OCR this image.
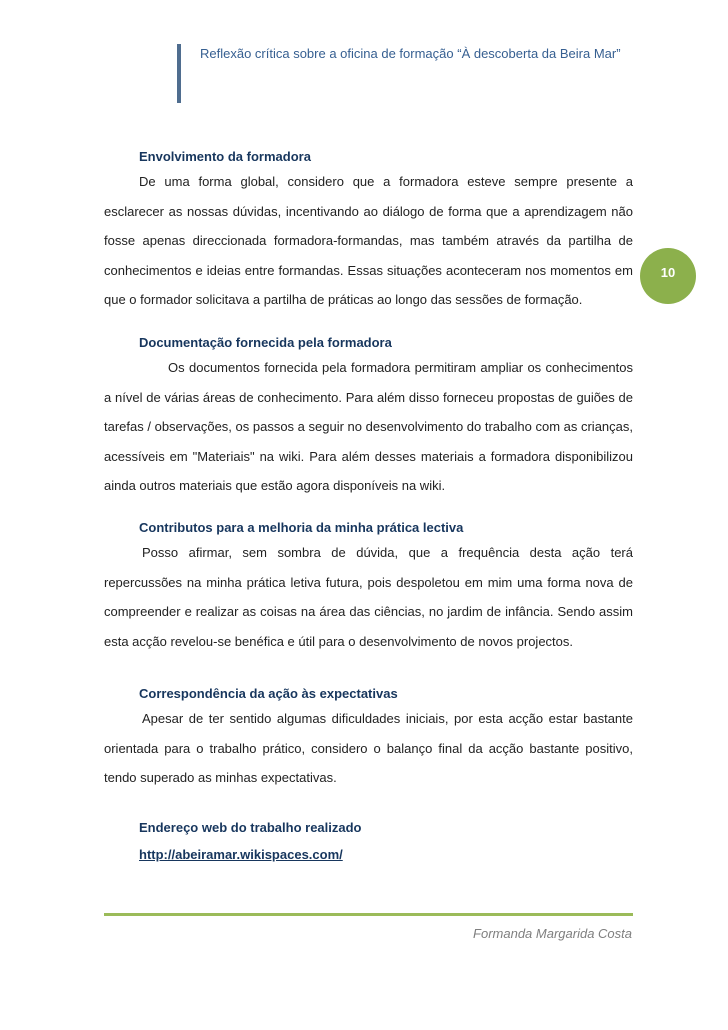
Reflexão crítica sobre a oficina de formação “À descoberta da Beira Mar”
10
Envolvimento da formadora
De uma forma global, considero que a formadora esteve sempre presente a esclarecer as nossas dúvidas, incentivando ao diálogo de forma que a aprendizagem não fosse apenas direccionada formadora-formandas, mas também através da partilha de conhecimentos e ideias entre formandas. Essas situações aconteceram nos momentos em que o formador solicitava a partilha de práticas ao longo das sessões de formação.
Documentação fornecida pela formadora
Os documentos fornecida pela formadora permitiram ampliar os conhecimentos a nível de várias áreas de conhecimento. Para além disso forneceu propostas de guiões de tarefas / observações, os passos a seguir no desenvolvimento do trabalho com as crianças, acessíveis em "Materiais" na wiki. Para além desses materiais a formadora disponibilizou ainda outros materiais que estão agora disponíveis na wiki.
Contributos para a melhoria da minha prática lectiva
Posso afirmar, sem sombra de dúvida, que a frequência desta ação terá repercussões na minha prática letiva futura, pois despoletou em mim uma forma nova de compreender e realizar as coisas na área das ciências, no jardim de infância. Sendo assim esta acção revelou-se benéfica e útil para o desenvolvimento de novos projectos.
Correspondência da ação às expectativas
Apesar de ter sentido algumas dificuldades iniciais, por esta acção estar bastante orientada para o trabalho prático, considero o balanço final da acção bastante positivo, tendo superado as minhas expectativas.
Endereço web do trabalho realizado
http://abeiramar.wikispaces.com/
Formanda Margarida Costa
